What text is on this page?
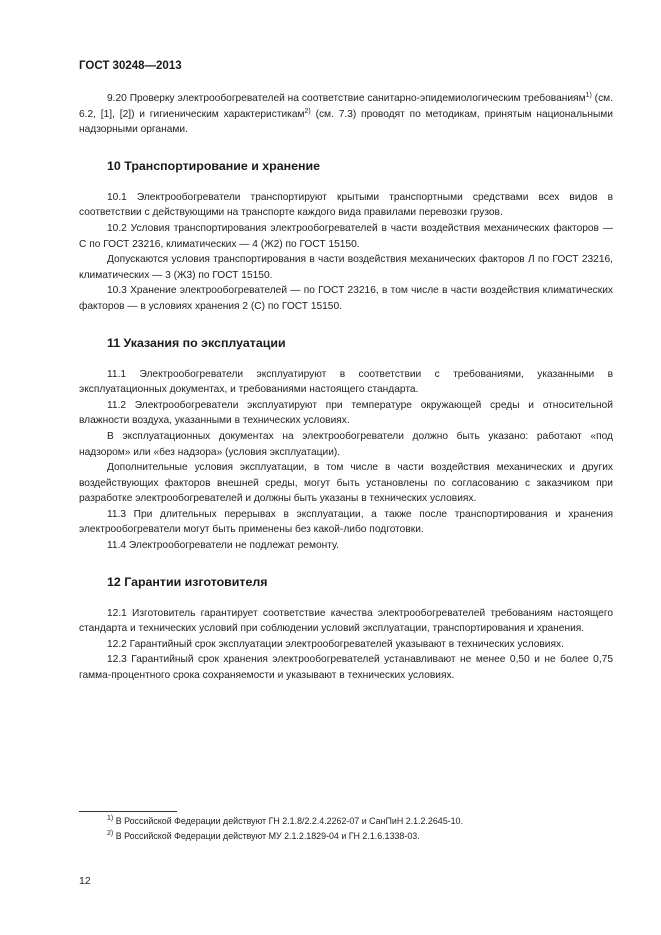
ГОСТ 30248—2013

9.20 Проверку электрообогревателей на соответствие санитарно-эпидемиологическим требованиям$^{1)}$ (см. 6.2, [1], [2]) и гигиеническим характеристикам$^{2)}$ (см. 7.3) проводят по методикам, принятым национальными надзорными органами.

10 Транспортирование и хранение

10.1 Электрообогреватели транспортируют крытыми транспортными средствами всех видов в соответствии с действующими на транспорте каждого вида правилами перевозки грузов.

10.2 Условия транспортирования электрообогревателей в части воздействия механических факторов — С по ГОСТ 23216, климатических — 4 (Ж2) по ГОСТ 15150.

Допускаются условия транспортирования в части воздействия механических факторов Л по ГОСТ 23216, климатических — 3 (Ж3) по ГОСТ 15150.

10.3 Хранение электрообогревателей — по ГОСТ 23216, в том числе в части воздействия климатических факторов — в условиях хранения 2 (С) по ГОСТ 15150.

11 Указания по эксплуатации

11.1 Электрообогреватели эксплуатируют в соответствии с требованиями, указанными в эксплуатационных документах, и требованиями настоящего стандарта.

11.2 Электрообогреватели эксплуатируют при температуре окружающей среды и относительной влажности воздуха, указанными в технических условиях.

В эксплуатационных документах на электрообогреватели должно быть указано: работают «под надзором» или «без надзора» (условия эксплуатации).

Дополнительные условия эксплуатации, в том числе в части воздействия механических и других воздействующих факторов внешней среды, могут быть установлены по согласованию с заказчиком при разработке электрообогревателей и должны быть указаны в технических условиях.

11.3 При длительных перерывах в эксплуатации, а также после транспортирования и хранения электрообогреватели могут быть применены без какой-либо подготовки.

11.4 Электрообогреватели не подлежат ремонту.

12 Гарантии изготовителя

12.1 Изготовитель гарантирует соответствие качества электрообогревателей требованиям настоящего стандарта и технических условий при соблюдении условий эксплуатации, транспортирования и хранения.

12.2 Гарантийный срок эксплуатации электрообогревателей указывают в технических условиях.

12.3 Гарантийный срок хранения электрообогревателей устанавливают не менее 0,50 и не более 0,75 гамма-процентного срока сохраняемости и указывают в технических условиях.

$^{1)}$ В Российской Федерации действуют ГН 2.1.8/2.2.4.2262-07 и СанПиН 2.1.2.2645-10.
$^{2)}$ В Российской Федерации действуют МУ 2.1.2.1829-04 и ГН 2.1.6.1338-03.
12
